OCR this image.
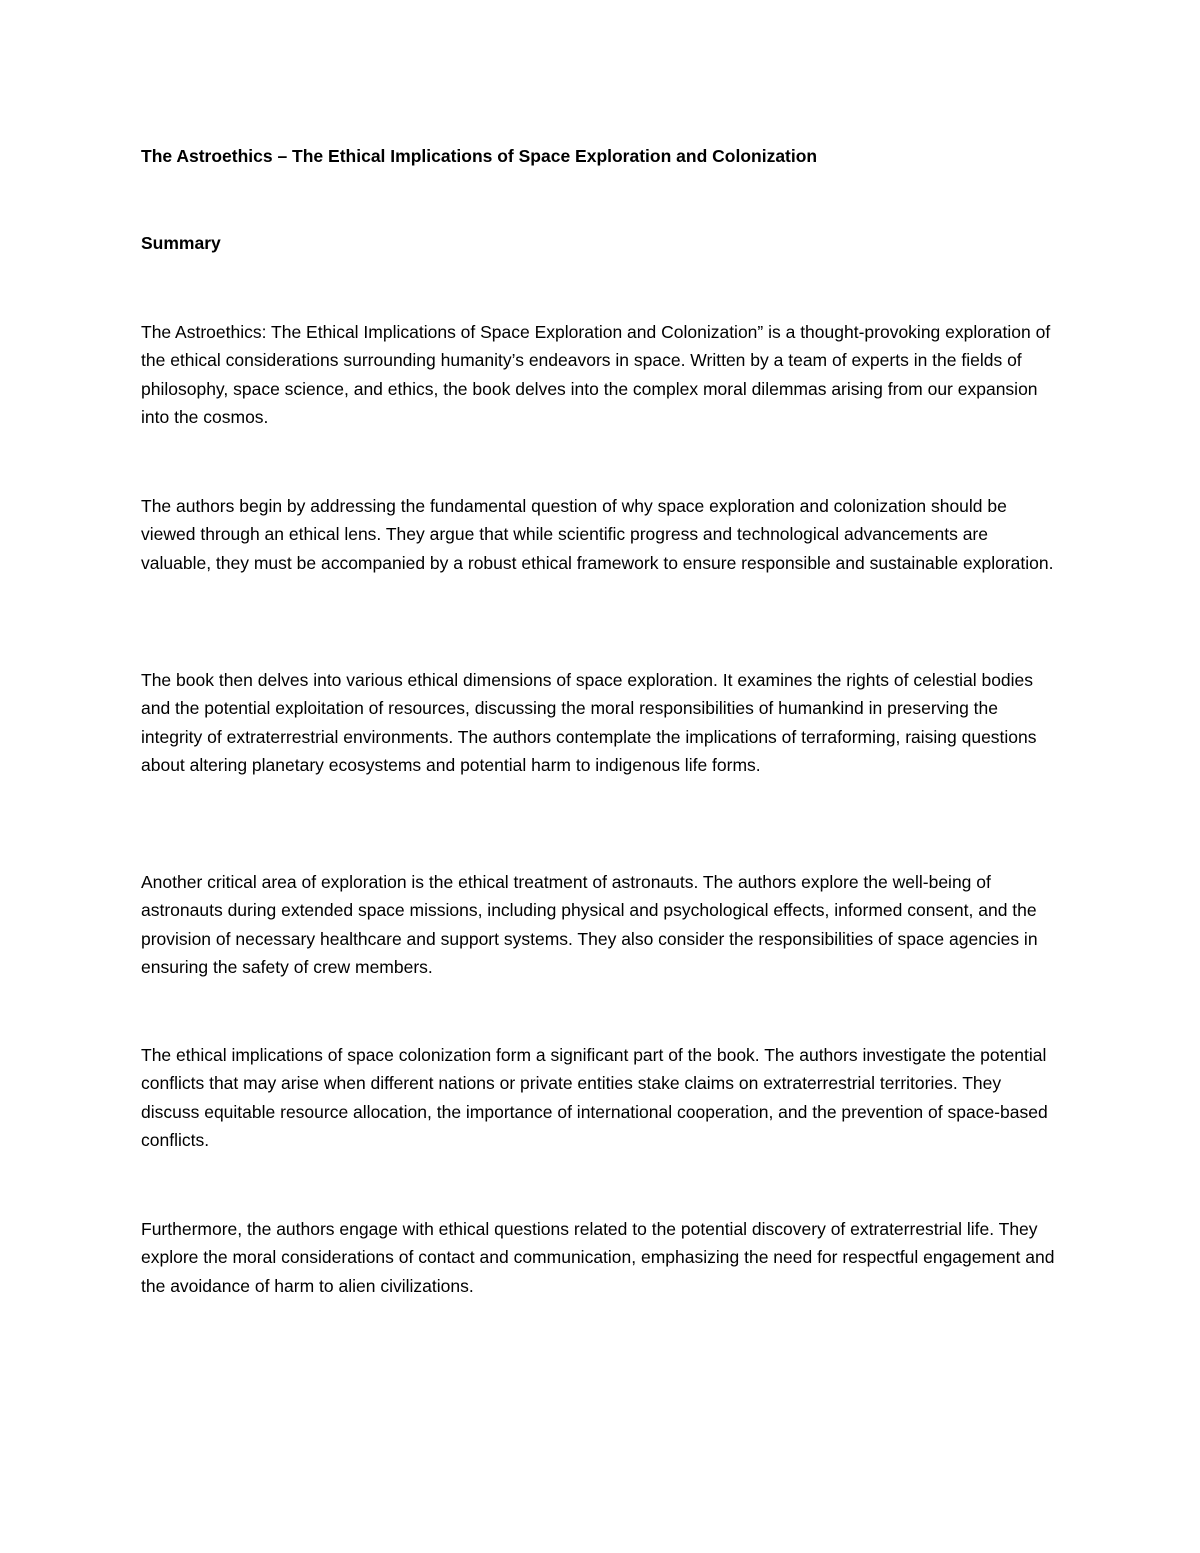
The Astroethics – The Ethical Implications of Space Exploration and Colonization
Summary

The Astroethics: The Ethical Implications of Space Exploration and Colonization” is a thought-provoking exploration of the ethical considerations surrounding humanity’s endeavors in space. Written by a team of experts in the fields of philosophy, space science, and ethics, the book delves into the complex moral dilemmas arising from our expansion into the cosmos.

The authors begin by addressing the fundamental question of why space exploration and colonization should be viewed through an ethical lens. They argue that while scientific progress and technological advancements are valuable, they must be accompanied by a robust ethical framework to ensure responsible and sustainable exploration.

The book then delves into various ethical dimensions of space exploration. It examines the rights of celestial bodies and the potential exploitation of resources, discussing the moral responsibilities of humankind in preserving the integrity of extraterrestrial environments. The authors contemplate the implications of terraforming, raising questions about altering planetary ecosystems and potential harm to indigenous life forms.

Another critical area of exploration is the ethical treatment of astronauts. The authors explore the well-being of astronauts during extended space missions, including physical and psychological effects, informed consent, and the provision of necessary healthcare and support systems. They also consider the responsibilities of space agencies in ensuring the safety of crew members.

The ethical implications of space colonization form a significant part of the book. The authors investigate the potential conflicts that may arise when different nations or private entities stake claims on extraterrestrial territories. They discuss equitable resource allocation, the importance of international cooperation, and the prevention of space-based conflicts.

Furthermore, the authors engage with ethical questions related to the potential discovery of extraterrestrial life. They explore the moral considerations of contact and communication, emphasizing the need for respectful engagement and the avoidance of harm to alien civilizations.
